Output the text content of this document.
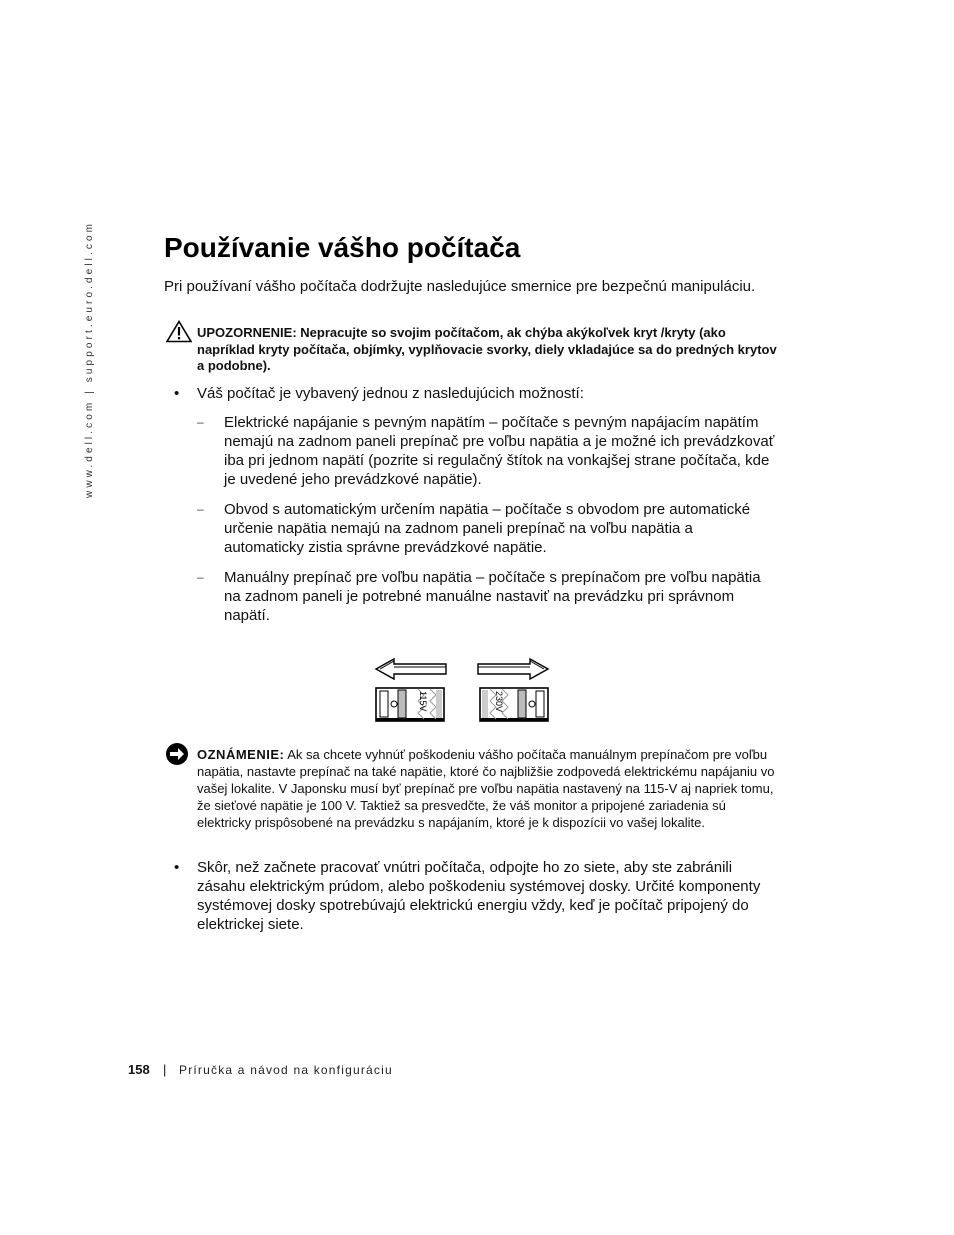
www.dell.com | support.euro.dell.com Používanie vášho počítača
Pri používaní vášho počítača dodržujte nasledujúce smernice pre bezpečnú manipuláciu.
UPOZORNENIE: Nepracujte so svojim počítačom, ak chýba akýkoľvek kryt /kryty (ako napríklad kryty počítača, objímky, vyplňovacie svorky, diely vkladajúce sa do predných krytov a podobne).
• Váš počítač je vybavený jednou z nasledujúcich možností:
– Elektrické napájanie s pevným napätím – počítače s pevným napájacím napätím nemajú na zadnom paneli prepínač pre voľbu napätia a je možné ich prevádzkovať iba pri jednom napätí (pozrite si regulačný štítok na vonkajšej strane počítača, kde je uvedené jeho prevádzkové napätie).
– Obvod s automatickým určením napätia – počítače s obvodom pre automatické určenie napätia nemajú na zadnom paneli prepínač na voľbu napätia a automaticky zistia správne prevádzkové napätie.
– Manuálny prepínač pre voľbu napätia – počítače s prepínačom pre voľbu napätia na zadnom paneli je potrebné manuálne nastaviť na prevádzku pri správnom napätí.
115V	230V
OZNÁMENIE: Ak sa chcete vyhnúť poškodeniu vášho počítača manuálnym prepínačom pre voľbu napätia, nastavte prepínač na také napätie, ktoré čo najbližšie zodpovedá elektrickému napájaniu vo vašej lokalite. V Japonsku musí byť prepínač pre voľbu napätia nastavený na 115-V aj napriek tomu, že sieťové napätie je 100 V. Taktiež sa presvedčte, že váš monitor a pripojené zariadenia sú elektricky prispôsobené na prevádzku s napájaním, ktoré je k dispozícii vo vašej lokalite.
• Skôr, než začnete pracovať vnútri počítača, odpojte ho zo siete, aby ste zabránili zásahu elektrickým prúdom, alebo poškodeniu systémovej dosky. Určité komponenty systémovej dosky spotrebúvajú elektrickú energiu vždy, keď je počítač pripojený do elektrickej siete.
158 | Príručka a návod na konfiguráciu
